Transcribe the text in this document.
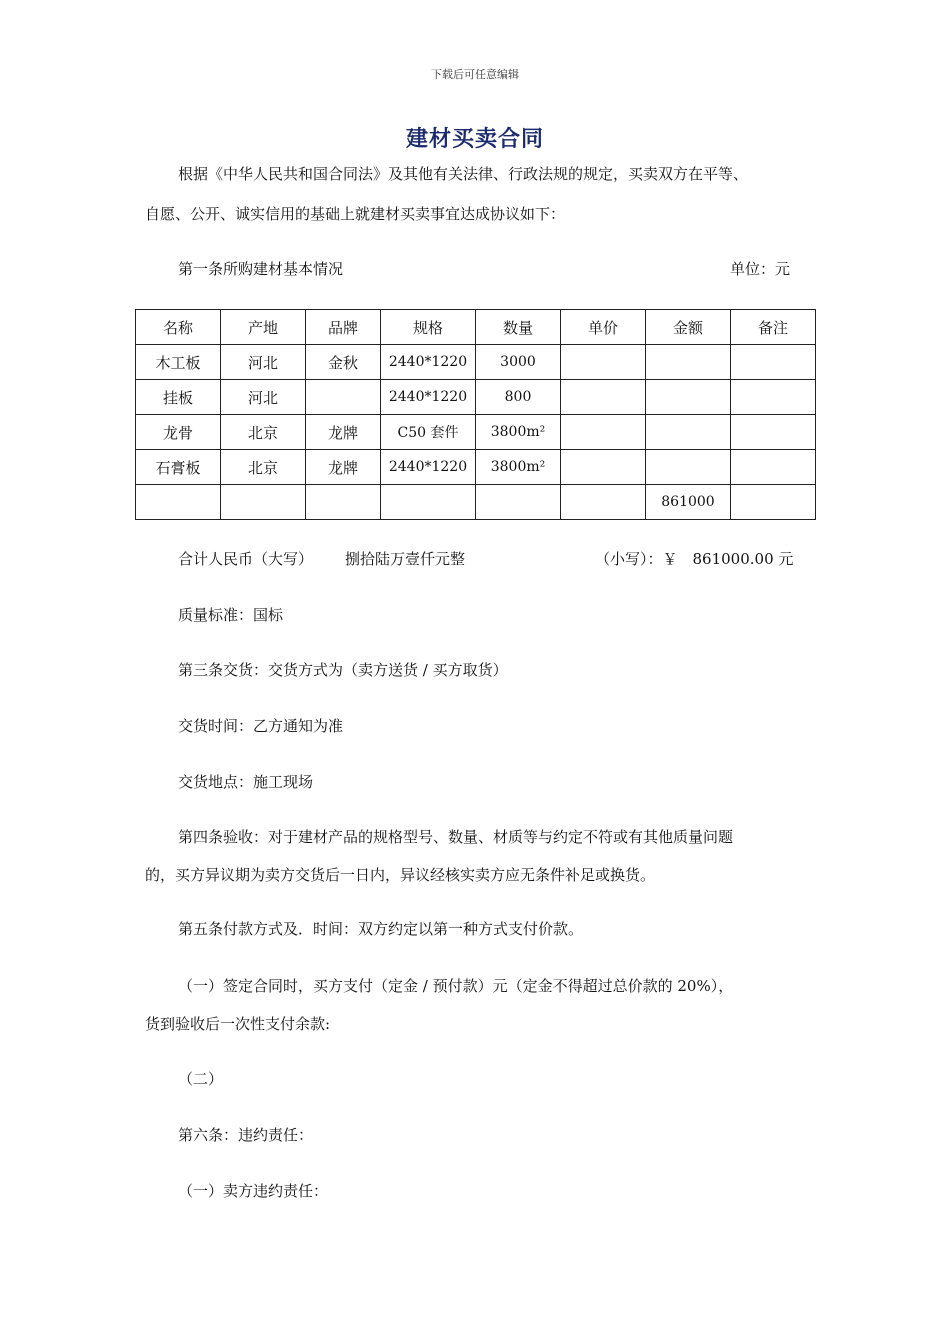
下载后可任意编辑
建材买卖合同
根据《中华人民共和国合同法》及其他有关法律、行政法规的规定，买卖双方在平等、
自愿、公开、诚实信用的基础上就建材买卖事宜达成协议如下：
第一条所购建材基本情况	单位：元
名称	产地	品牌	规格	数量	单价	金额	备注
木工板	河北	金秋	2440*1220	3000			
挂板	河北		2440*1220	800			
龙骨	北京	龙牌	C50 套件	3800m²			
石膏板	北京	龙牌	2440*1220	3800m²			
						861000	
合计人民币（大写） 捌拾陆万壹仟元整	（小写）：￥　861000.00 元
质量标准：国标
第三条交货：交货方式为（卖方送货 / 买方取货）
交货时间：乙方通知为准
交货地点：施工现场
第四条验收：对于建材产品的规格型号、数量、材质等与约定不符或有其他质量问题
的，买方异议期为卖方交货后一日内，异议经核实卖方应无条件补足或换货。
第五条付款方式及．时间：双方约定以第一种方式支付价款。
（一）签定合同时，买方支付（定金 / 预付款）元（定金不得超过总价款的 20%），
货到验收后一次性支付余款:
（二）
第六条：违约责任：
（一）卖方违约责任：
